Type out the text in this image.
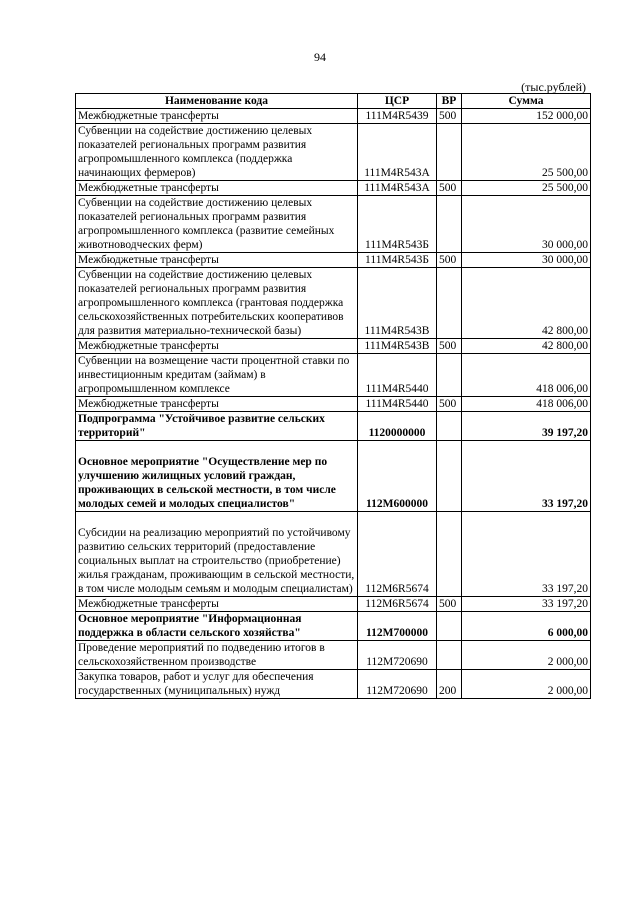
94
(тыс.рублей)
Наименование кода	ЦСР	ВР	Сумма
Межбюджетные трансферты	111M4R5439	500	152 000,00
Субвенции на содействие достижению целевых показателей региональных программ развития агропромышленного комплекса (поддержка начинающих фермеров)	111M4R543A		25 500,00
Межбюджетные трансферты	111M4R543A	500	25 500,00
Субвенции на содействие достижению целевых показателей региональных программ развития агропромышленного комплекса (развитие семейных животноводческих ферм)	111M4R543Б		30 000,00
Межбюджетные трансферты	111M4R543Б	500	30 000,00
Субвенции на содействие достижению целевых показателей региональных программ развития агропромышленного комплекса (грантовая поддержка сельскохозяйственных потребительских кооперативов для развития материально-технической базы)	111M4R543B		42 800,00
Межбюджетные трансферты	111M4R543B	500	42 800,00
Субвенции на возмещение части процентной ставки по инвестиционным кредитам (займам) в агропромышленном комплексе	111M4R5440		418 006,00
Межбюджетные трансферты	111M4R5440	500	418 006,00
Подпрограмма "Устойчивое развитие сельских территорий"	1120000000		39 197,20
Основное мероприятие "Осуществление мер по улучшению жилищных условий граждан, проживающих в сельской местности, в том числе молодых семей и молодых специалистов"	112M600000		33 197,20
Субсидии на реализацию мероприятий по устойчивому развитию сельских территорий (предоставление социальных выплат на строительство (приобретение) жилья гражданам, проживающим в сельской местности, в том числе молодым семьям и молодым специалистам)	112M6R5674		33 197,20
Межбюджетные трансферты	112M6R5674	500	33 197,20
Основное мероприятие "Информационная поддержка в области сельского хозяйства"	112M700000		6 000,00
Проведение мероприятий по подведению итогов в сельскохозяйственном производстве	112M720690		2 000,00
Закупка товаров, работ и услуг для обеспечения государственных (муниципальных) нужд	112M720690	200	2 000,00
